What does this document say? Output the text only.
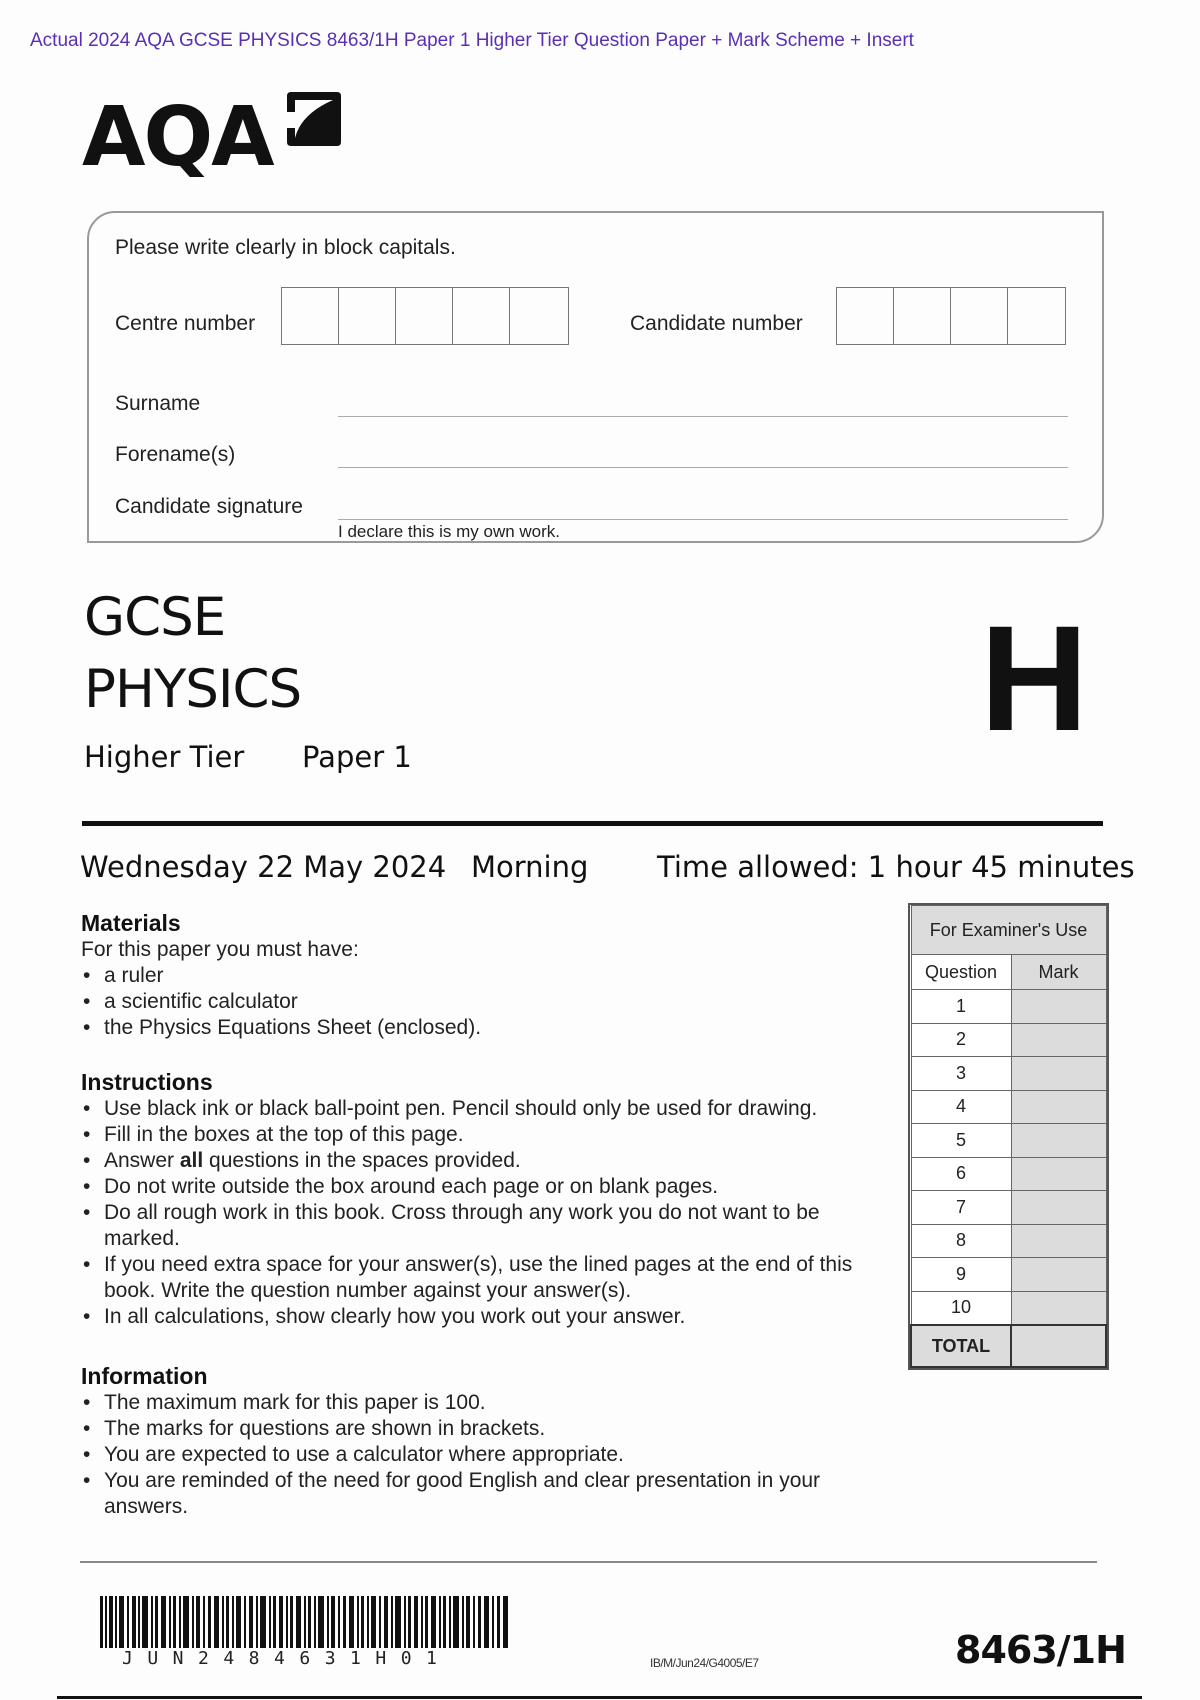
Actual 2024 AQA GCSE PHYSICS 8463/1H Paper 1 Higher Tier Question Paper + Mark Scheme + Insert
AQA
Please write clearly in block capitals.
Centre number	Candidate number
Surname
Forename(s)
Candidate signature
I declare this is my own work.
GCSE
PHYSICS
Higher Tier Paper 1	H
Wednesday 22 May 2024 Morning Time allowed: 1 hour 45 minutes
Materials
For this paper you must have:
• a ruler
• a scientific calculator
• the Physics Equations Sheet (enclosed).
Instructions
• Use black ink or black ball-point pen. Pencil should only be used for drawing.
• Fill in the boxes at the top of this page.
• Answer all questions in the spaces provided.
• Do not write outside the box around each page or on blank pages.
• Do all rough work in this book. Cross through any work you do not want to be marked.
• If you need extra space for your answer(s), use the lined pages at the end of this book. Write the question number against your answer(s).
• In all calculations, show clearly how you work out your answer.
Information
• The maximum mark for this paper is 100.
• The marks for questions are shown in brackets.
• You are expected to use a calculator where appropriate.
• You are reminded of the need for good English and clear presentation in your answers.
For Examiner's Use	
Question	Mark
1	
2	
3	
4	
5	
6	
7	
8	
9	
10	
TOTAL	
JUN2484631H01	IB/M/Jun24/G4005/E7	8463/1H
